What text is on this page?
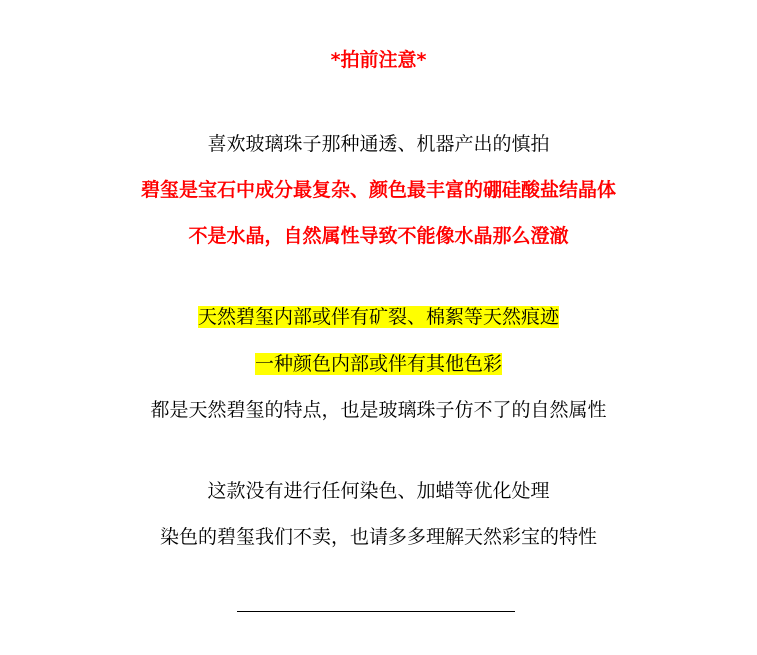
*拍前注意*
喜欢玻璃珠子那种通透、机器产出的慎拍
碧玺是宝石中成分最复杂、颜色最丰富的硼硅酸盐结晶体
不是水晶，自然属性导致不能像水晶那么澄澈
天然碧玺内部或伴有矿裂、棉絮等天然痕迹
一种颜色内部或伴有其他色彩
都是天然碧玺的特点，也是玻璃珠子仿不了的自然属性
这款没有进行任何染色、加蜡等优化处理
染色的碧玺我们不卖，也请多多理解天然彩宝的特性
